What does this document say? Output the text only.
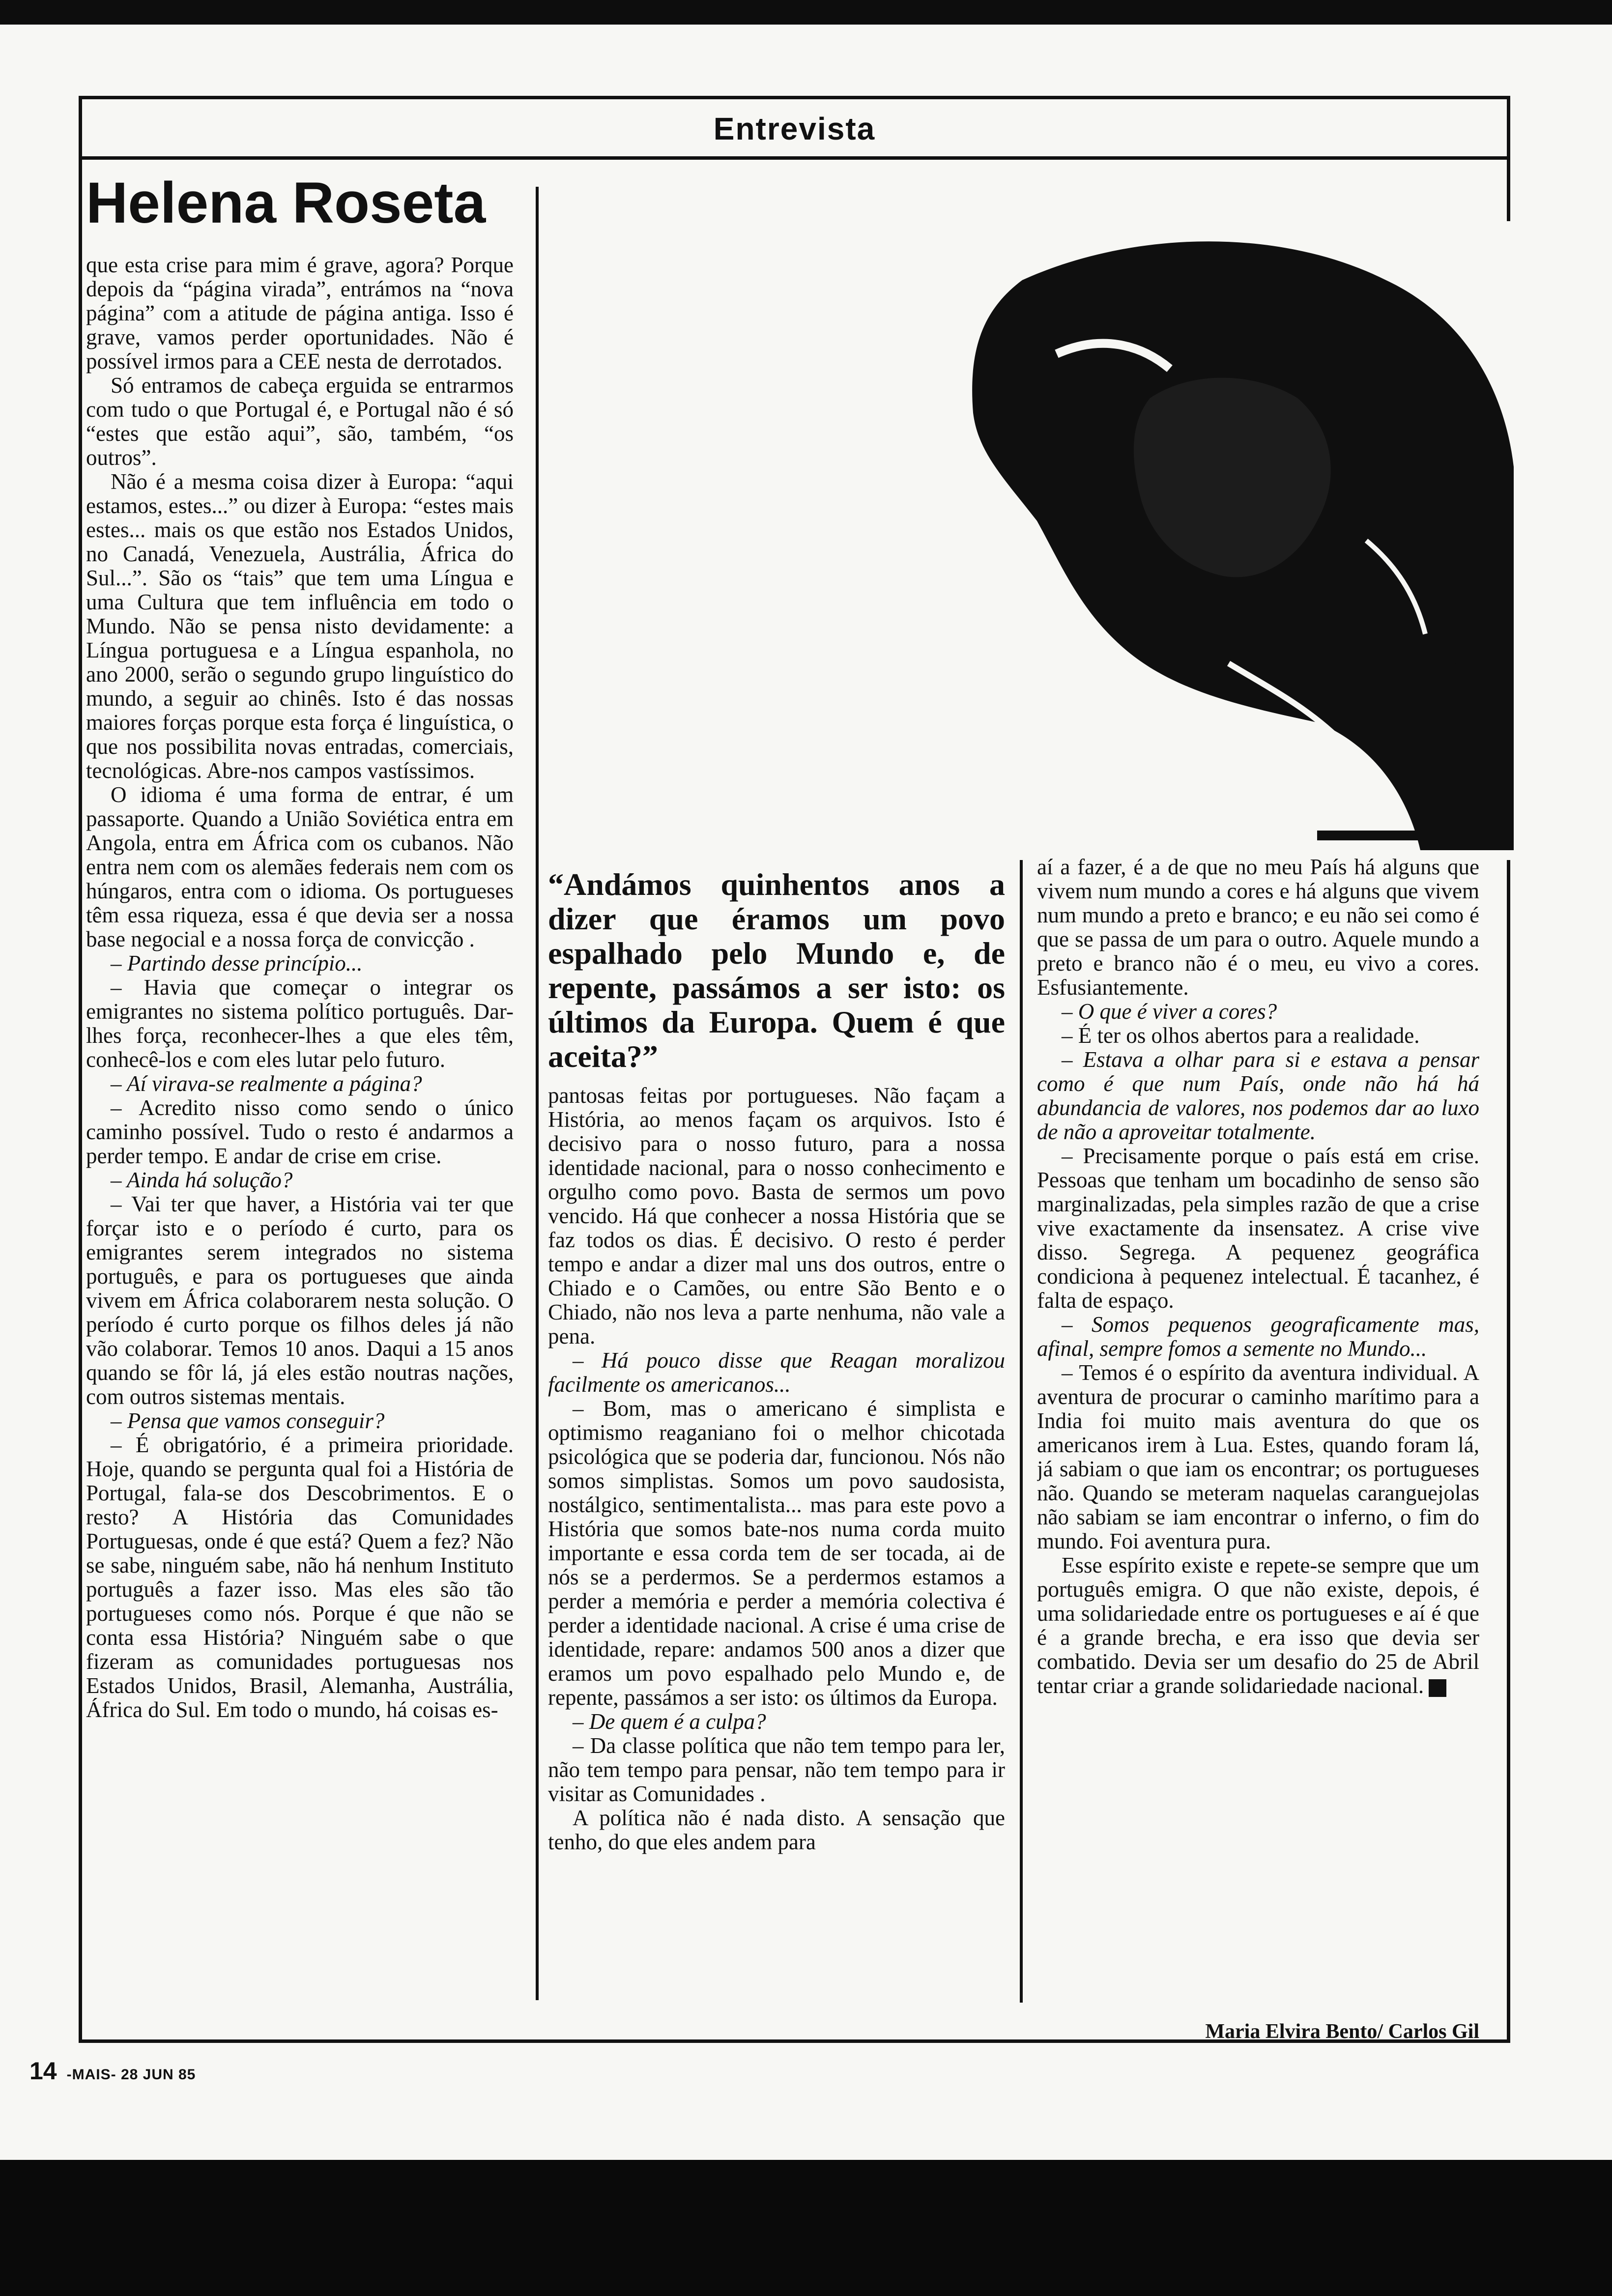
Entrevista
Helena Roseta

que esta crise para mim é grave, agora? Porque depois da “página virada”, entrámos na “nova página” com a atitude de página antiga. Isso é grave, vamos perder oportunidades. Não é possível irmos para a CEE nesta de derrotados.

Só entramos de cabeça erguida se entrarmos com tudo o que Portugal é, e Portugal não é só “estes que estão aqui”, são, também, “os outros”.

Não é a mesma coisa dizer à Europa: “aqui estamos, estes...” ou dizer à Europa: “estes mais estes... mais os que estão nos Estados Unidos, no Canadá, Venezuela, Austrália, África do Sul...”. São os “tais” que tem uma Língua e uma Cultura que tem influência em todo o Mundo. Não se pensa nisto devidamente: a Língua portuguesa e a Língua espanhola, no ano 2000, serão o segundo grupo linguístico do mundo, a seguir ao chinês. Isto é das nossas maiores forças porque esta força é linguística, o que nos possibilita novas entradas, comerciais, tecnológicas. Abre-nos campos vastíssimos.

O idioma é uma forma de entrar, é um passaporte. Quando a União Soviética entra em Angola, entra em África com os cubanos. Não entra nem com os alemães federais nem com os húngaros, entra com o idioma. Os portugueses têm essa riqueza, essa é que devia ser a nossa base negocial e a nossa força de convicção .

– Partindo desse princípio...

– Havia que começar o integrar os emigrantes no sistema político português. Dar-lhes força, reconhecer-lhes a que eles têm, conhecê-los e com eles lutar pelo futuro.

– Aí virava-se realmente a página?

– Acredito nisso como sendo o único caminho possível. Tudo o resto é andarmos a perder tempo. E andar de crise em crise.

– Ainda há solução?

– Vai ter que haver, a História vai ter que forçar isto e o período é curto, para os emigrantes serem integrados no sistema português, e para os portugueses que ainda vivem em África colaborarem nesta solução. O período é curto porque os filhos deles já não vão colaborar. Temos 10 anos. Daqui a 15 anos quando se fôr lá, já eles estão noutras nações, com outros sistemas mentais.

– Pensa que vamos conseguir?

– É obrigatório, é a primeira prioridade. Hoje, quando se pergunta qual foi a História de Portugal, fala-se dos Descobrimentos. E o resto? A História das Comunidades Portuguesas, onde é que está? Quem a fez? Não se sabe, ninguém sabe, não há nenhum Instituto português a fazer isso. Mas eles são tão portugueses como nós. Porque é que não se conta essa História? Ninguém sabe o que fizeram as comunidades portuguesas nos Estados Unidos, Brasil, Alemanha, Austrália, África do Sul. Em todo o mundo, há coisas es-

“Andámos quinhentos anos a dizer que éramos um povo espalhado pelo Mundo e, de repente, passámos a ser isto: os últimos da Europa. Quem é que aceita?”

pantosas feitas por portugueses. Não façam a História, ao menos façam os arquivos. Isto é decisivo para o nosso futuro, para a nossa identidade nacional, para o nosso conhecimento e orgulho como povo. Basta de sermos um povo vencido. Há que conhecer a nossa História que se faz todos os dias. É decisivo. O resto é perder tempo e andar a dizer mal uns dos outros, entre o Chiado e o Camões, ou entre São Bento e o Chiado, não nos leva a parte nenhuma, não vale a pena.

– Há pouco disse que Reagan moralizou facilmente os americanos...

– Bom, mas o americano é simplista e optimismo reaganiano foi o melhor chicotada psicológica que se poderia dar, funcionou. Nós não somos simplistas. Somos um povo saudosista, nostálgico, sentimentalista... mas para este povo a História que somos bate-nos numa corda muito importante e essa corda tem de ser tocada, ai de nós se a perdermos. Se a perdermos estamos a perder a memória e perder a memória colectiva é perder a identidade nacional. A crise é uma crise de identidade, repare: andamos 500 anos a dizer que eramos um povo espalhado pelo Mundo e, de repente, passámos a ser isto: os últimos da Europa.

– De quem é a culpa?

– Da classe política que não tem tempo para ler, não tem tempo para pensar, não tem tempo para ir visitar as Comunidades .

A política não é nada disto. A sensação que tenho, do que eles andem para

aí a fazer, é a de que no meu País há alguns que vivem num mundo a cores e há alguns que vivem num mundo a preto e branco; e eu não sei como é que se passa de um para o outro. Aquele mundo a preto e branco não é o meu, eu vivo a cores. Esfusiantemente.

– O que é viver a cores?

– É ter os olhos abertos para a realidade.

– Estava a olhar para si e estava a pensar como é que num País, onde não há há abundancia de valores, nos podemos dar ao luxo de não a aproveitar totalmente.

– Precisamente porque o país está em crise. Pessoas que tenham um bocadinho de senso são marginalizadas, pela simples razão de que a crise vive exactamente da insensatez. A crise vive disso. Segrega. A pequenez geográfica condiciona à pequenez intelectual. É tacanhez, é falta de espaço.

– Somos pequenos geograficamente mas, afinal, sempre fomos a semente no Mundo...

– Temos é o espírito da aventura individual. A aventura de procurar o caminho marítimo para a India foi muito mais aventura do que os americanos irem à Lua. Estes, quando foram lá, já sabiam o que iam os encontrar; os portugueses não. Quando se meteram naquelas caranguejolas não sabiam se iam encontrar o inferno, o fim do mundo. Foi aventura pura.

Esse espírito existe e repete-se sempre que um português emigra. O que não existe, depois, é uma solidariedade entre os portugueses e aí é que é a grande brecha, e era isso que devia ser combatido. Devia ser um desafio do 25 de Abril tentar criar a grande solidariedade nacional.

Maria Elvira Bento/ Carlos Gil
14 -MAIS- 28 JUN 85
